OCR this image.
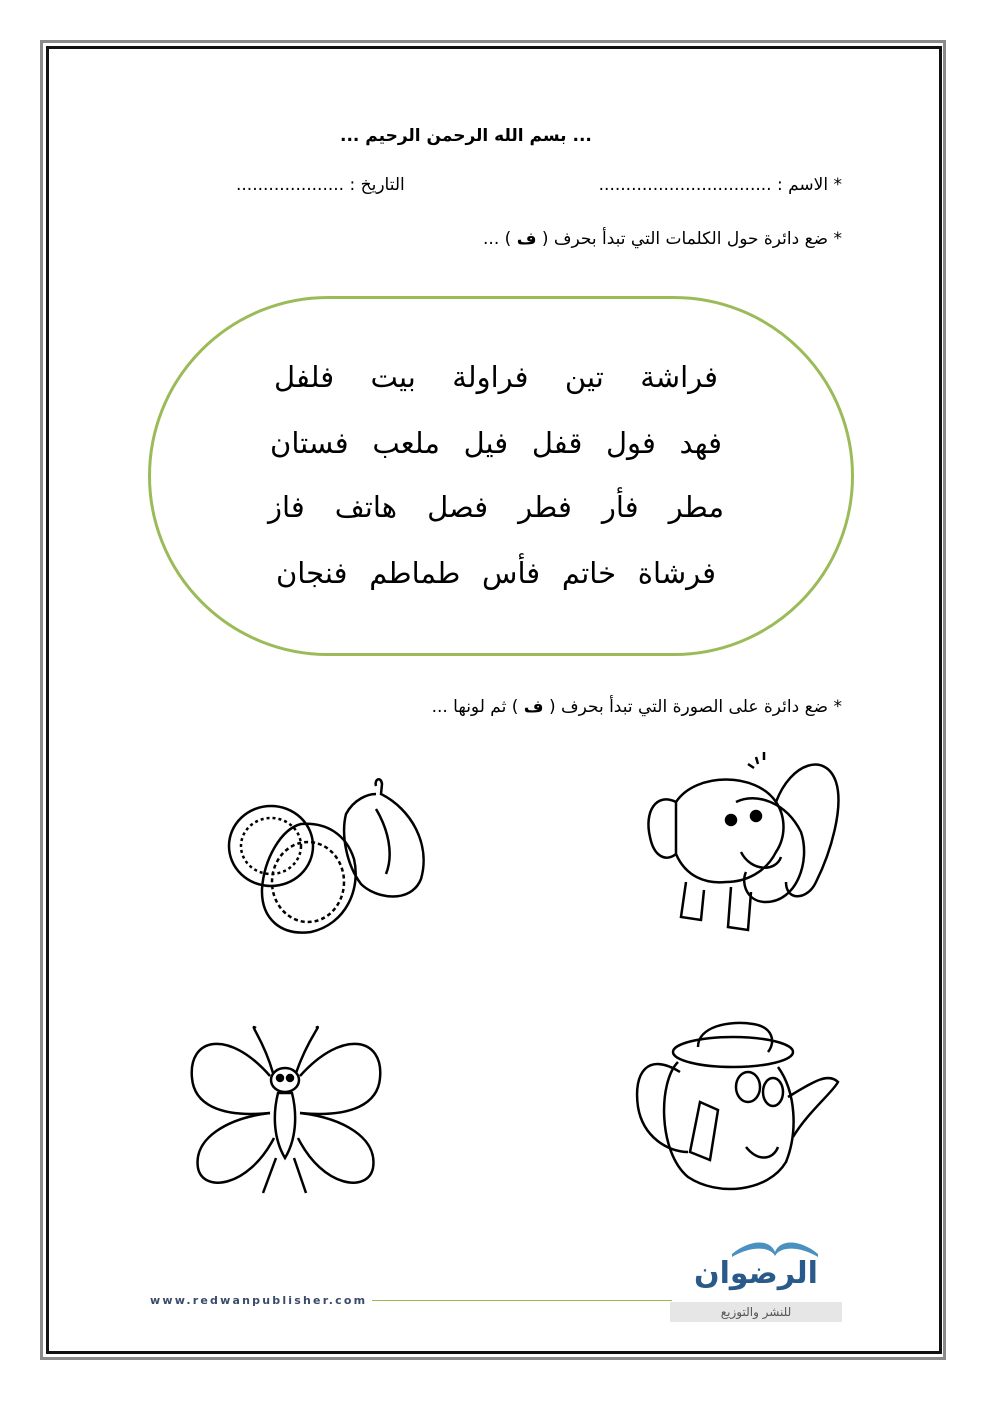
... بسم الله الرحمن الرحيم ...
* الاسم : ................................
التاريخ : ....................
* ضع دائرة حول الكلمات التي تبدأ بحرف ( ف ) ...
فراشة
تين
فراولة
بيت
فلفل
فهد
فول
قفل
فيل
ملعب
فستان
مطر
فأر
فطر
فصل
هاتف
فاز
فرشاة
خاتم
فأس
طماطم
فنجان
* ضع دائرة على الصورة التي تبدأ بحرف ( ف ) ثم لونها ...
www.redwanpublisher.com
الرضوان
للنشر والتوزيع
